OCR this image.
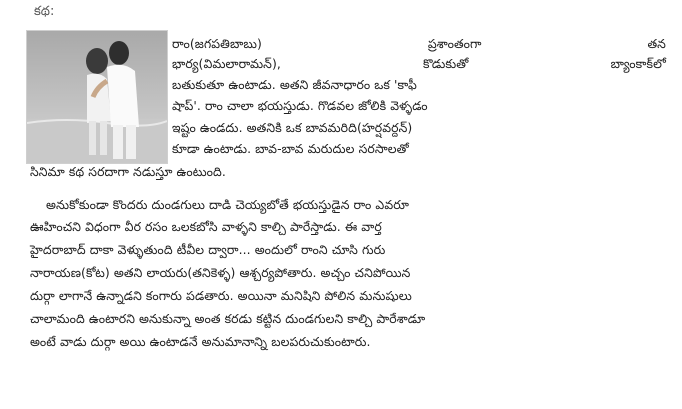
కథ:
రాం(జగపతిబాబు)	ప్రశాంతంగా	తన
భార్య(విమలారామన్),	కొడుకుతో	బ్యాంకాక్‌లో
బతుకుతూ ఉంటాడు. అతని జీవనాధారం ఒక 'కాఫీ
షాప్'. రాం చాలా భయస్తుడు. గొడవల జోలికి వెళ్ళడం
ఇష్టం ఉండదు. అతనికి ఒక బావమరిది(హర్షవర్దన్)
కూడా ఉంటాడు. బావ-బావ మరుదుల సరసాలతో
సినిమా కథ సరదాగా నడుస్తూ ఉంటుంది.
అనుకోకుండా కొందరు దుండగులు దాడి చెయ్యబోతే భయస్తుడైన రాం ఎవరూ
ఊహించని విధంగా వీర రసం ఒలకబోసి వాళ్ళని కాల్చి పారేస్తాడు. ఈ వార్త
హైదరాబాద్ దాకా వెళ్ళుతుంది టీవీల ద్వారా... అందులో రాంని చూసి గురు
నారాయణ(కోట) అతని లాయరు(తనికెళ్ళ) ఆశ్చర్యపోతారు. అచ్చం చనిపోయిన
దుర్గా లాగానే ఉన్నాడని కంగారు పడతారు. అయినా మనిషిని పోలిన మనుషులు
చాలామంది ఉంటారని అనుకున్నా అంత కరడు కట్టిన దుండగులని కాల్చి పారేశాడూ
అంటే వాడు దుర్గా అయి ఉంటాడనే అనుమానాన్ని బలపరుచుకుంటారు.
